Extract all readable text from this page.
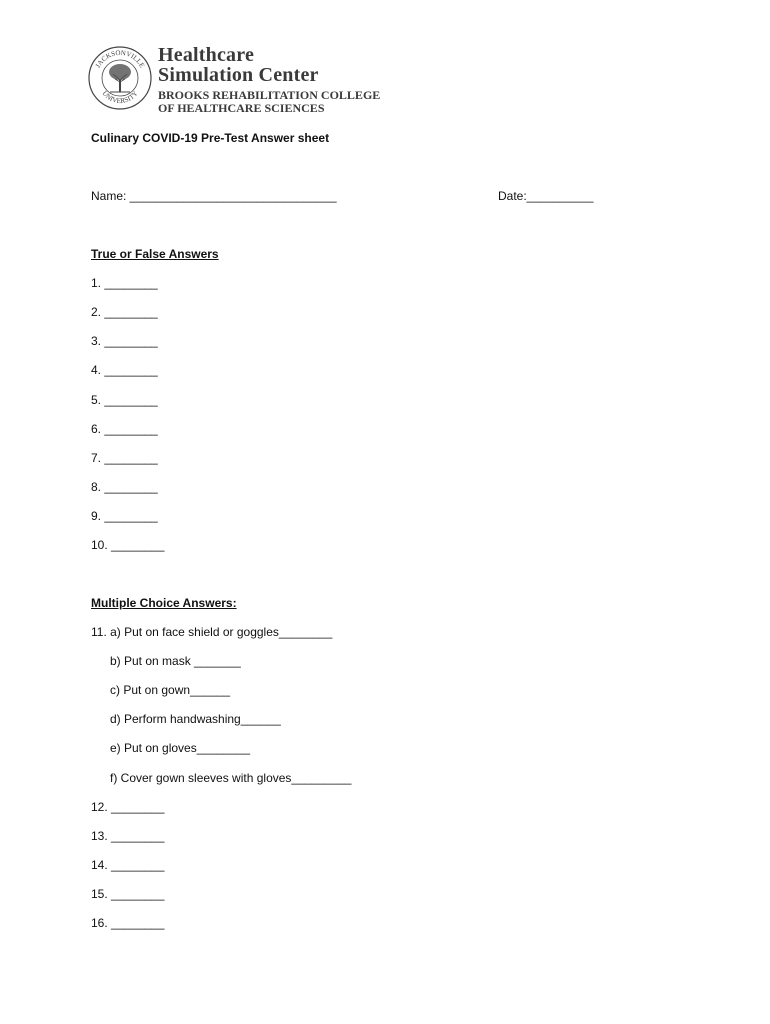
JACKSONVILLE
UNIVERSITY
Healthcare
Simulation Center
BROOKS REHABILITATION COLLEGE
OF HEALTHCARE SCIENCES
Culinary COVID-19 Pre-Test Answer sheet
Name: _______________________________	Date:__________
True or False Answers
1. ________
2. ________
3. ________
4. ________
5. ________
6. ________
7. ________
8. ________
9. ________
10. ________
Multiple Choice Answers:
11. a) Put on face shield or goggles________
b) Put on mask _______
c) Put on gown______
d) Perform handwashing______
e) Put on gloves________
f) Cover gown sleeves with gloves_________
12. ________
13. ________
14. ________
15. ________
16. ________
